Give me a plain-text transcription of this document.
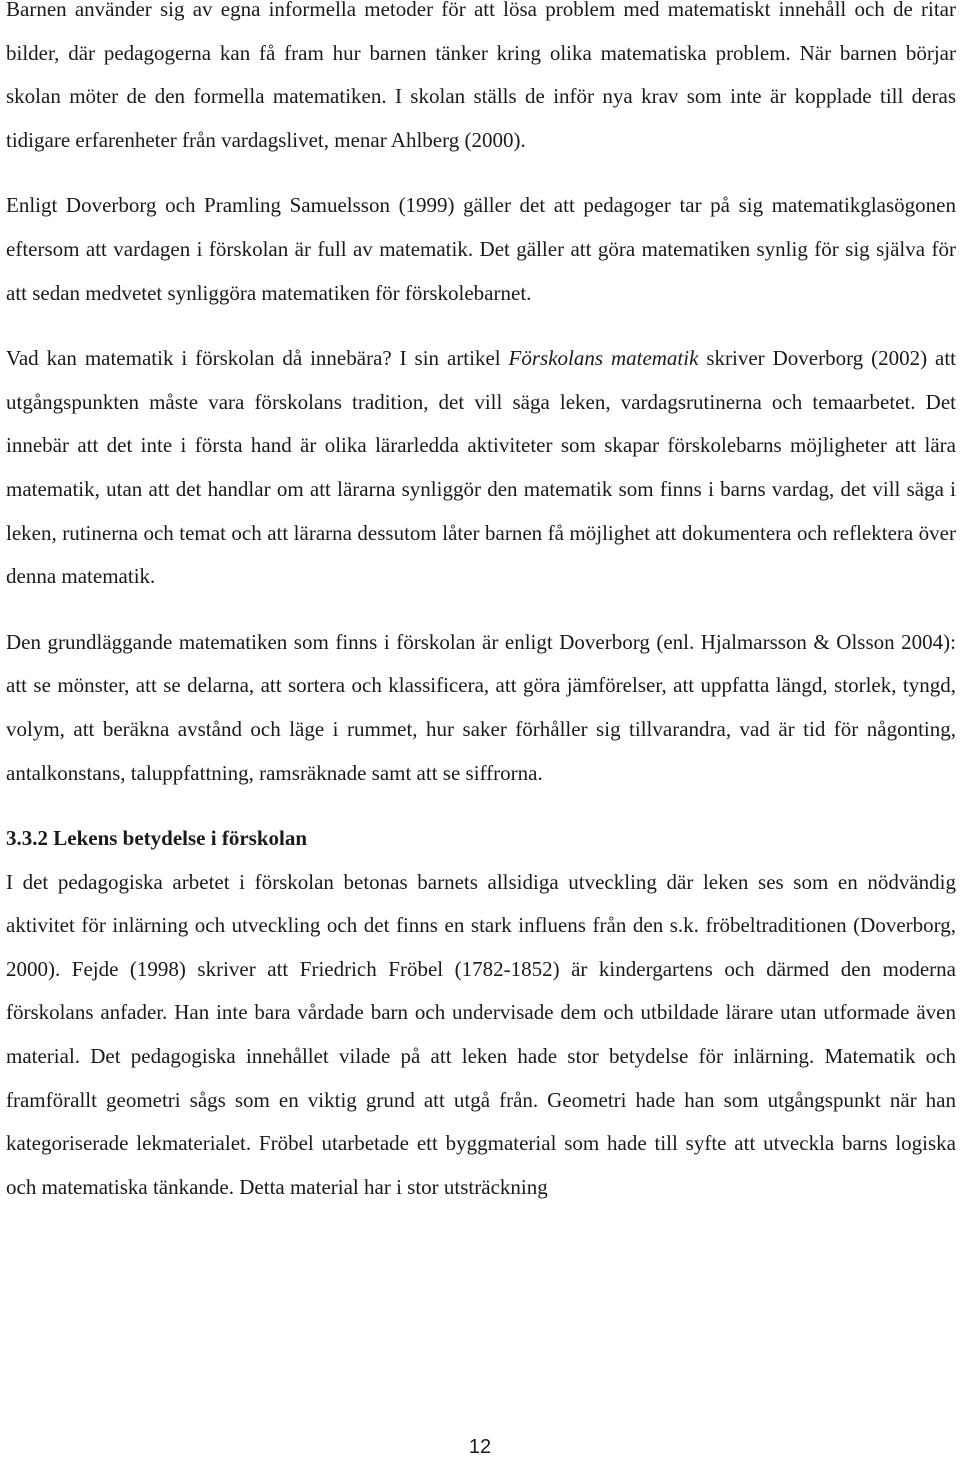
Barnen använder sig av egna informella metoder för att lösa problem med matematiskt innehåll och de ritar bilder, där pedagogerna kan få fram hur barnen tänker kring olika matematiska problem. När barnen börjar skolan möter de den formella matematiken. I skolan ställs de inför nya krav som inte är kopplade till deras tidigare erfarenheter från vardagslivet, menar Ahlberg (2000).

Enligt Doverborg och Pramling Samuelsson (1999) gäller det att pedagoger tar på sig matematikglasögonen eftersom att vardagen i förskolan är full av matematik. Det gäller att göra matematiken synlig för sig själva för att sedan medvetet synliggöra matematiken för förskolebarnet.

Vad kan matematik i förskolan då innebära? I sin artikel Förskolans matematik skriver Doverborg (2002) att utgångspunkten måste vara förskolans tradition, det vill säga leken, vardagsrutinerna och temaarbetet. Det innebär att det inte i första hand är olika lärarledda aktiviteter som skapar förskolebarns möjligheter att lära matematik, utan att det handlar om att lärarna synliggör den matematik som finns i barns vardag, det vill säga i leken, rutinerna och temat och att lärarna dessutom låter barnen få möjlighet att dokumentera och reflektera över denna matematik.

Den grundläggande matematiken som finns i förskolan är enligt Doverborg (enl. Hjalmarsson & Olsson 2004): att se mönster, att se delarna, att sortera och klassificera, att göra jämförelser, att uppfatta längd, storlek, tyngd, volym, att beräkna avstånd och läge i rummet, hur saker förhåller sig tillvarandra, vad är tid för någonting, antalkonstans, taluppfattning, ramsräknade samt att se siffrorna.

3.3.2 Lekens betydelse i förskolan

I det pedagogiska arbetet i förskolan betonas barnets allsidiga utveckling där leken ses som en nödvändig aktivitet för inlärning och utveckling och det finns en stark influens från den s.k. fröbeltraditionen (Doverborg, 2000). Fejde (1998) skriver att Friedrich Fröbel (1782-1852) är kindergartens och därmed den moderna förskolans anfader. Han inte bara vårdade barn och undervisade dem och utbildade lärare utan utformade även material. Det pedagogiska innehållet vilade på att leken hade stor betydelse för inlärning. Matematik och framförallt geometri sågs som en viktig grund att utgå från. Geometri hade han som utgångspunkt när han kategoriserade lekmaterialet. Fröbel utarbetade ett byggmaterial som hade till syfte att utveckla barns logiska och matematiska tänkande. Detta material har i stor utsträckning

12
